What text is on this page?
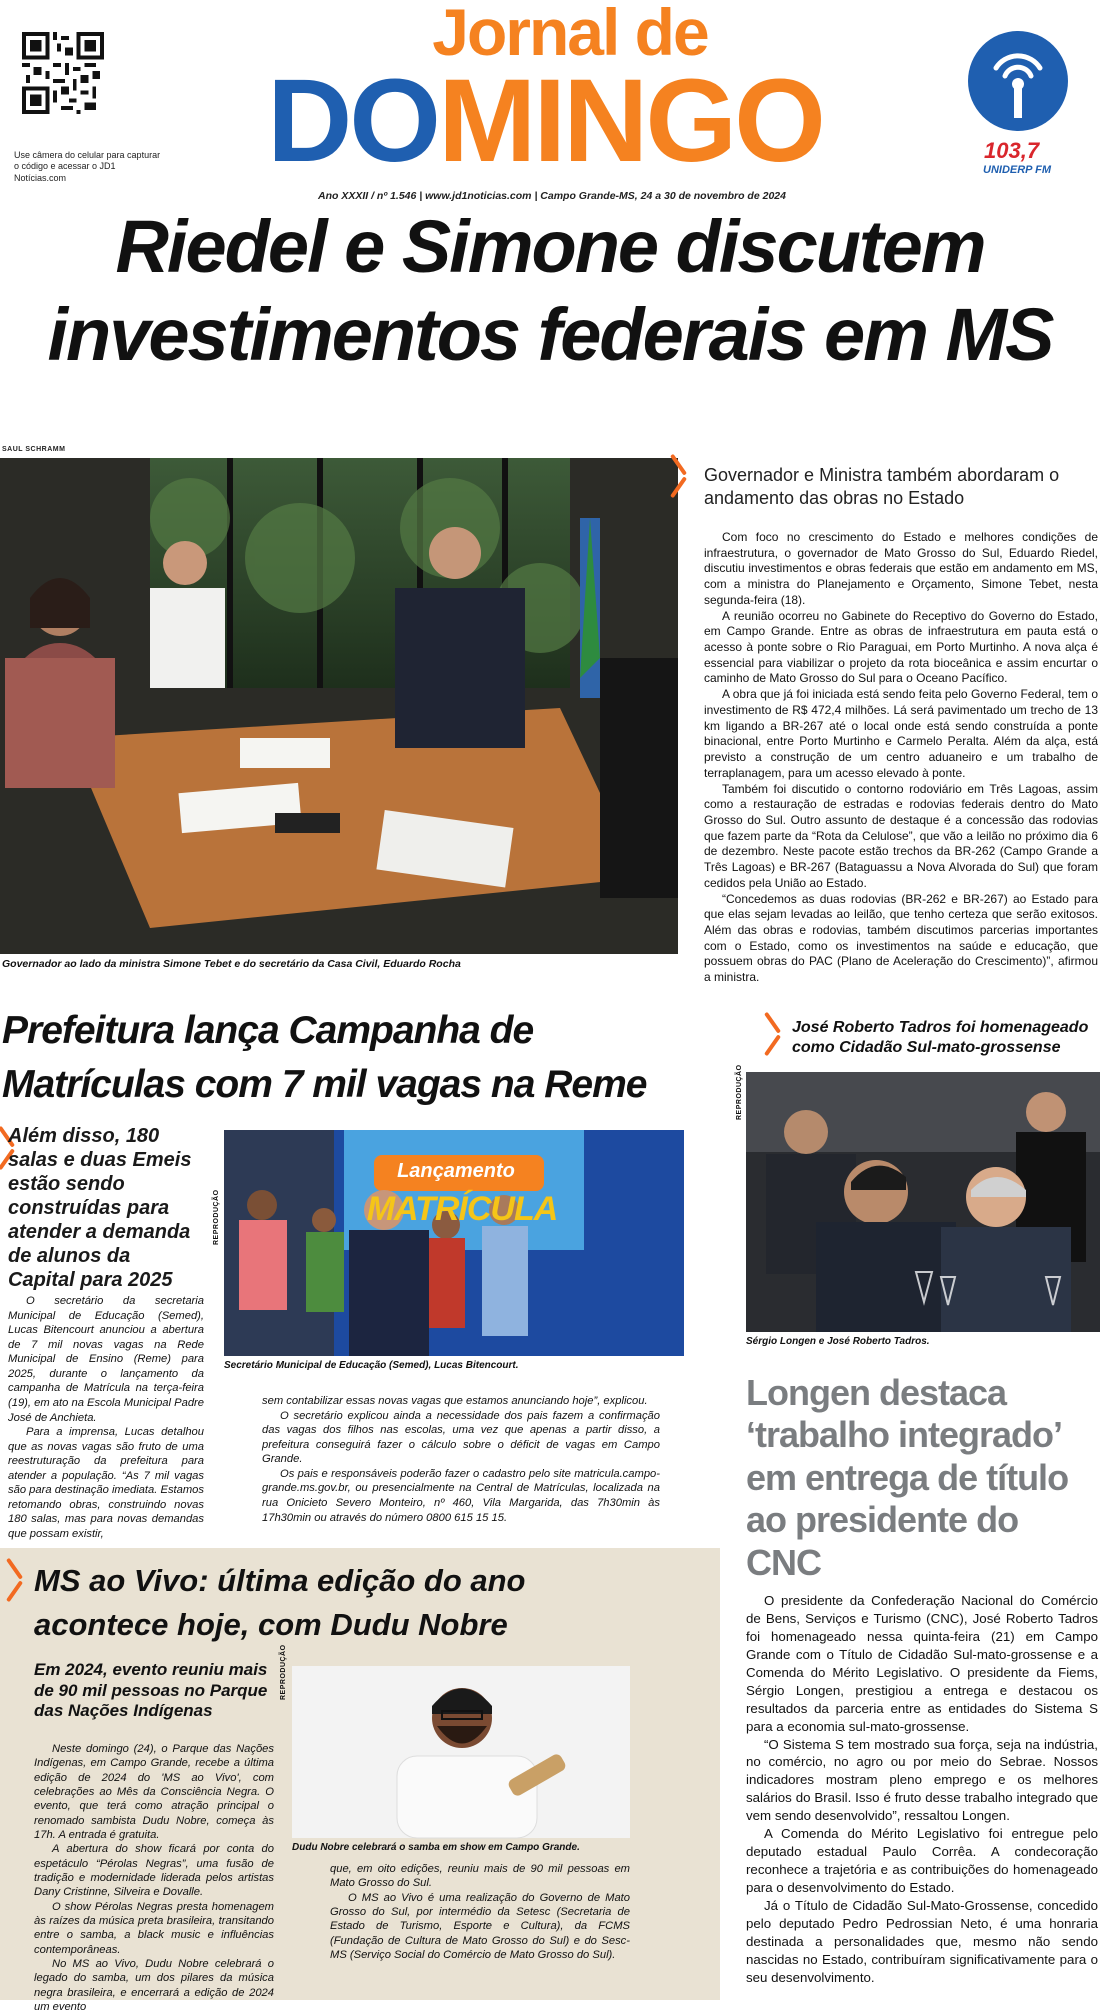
Use câmera do celular para capturar o código e acessar o JD1 Notícias.com
Jornal de
DOMINGO
Ano XXXII / nº 1.546 | www.jd1noticias.com | Campo Grande-MS, 24 a 30 de novembro de 2024
103,7
UNIDERP FM
Riedel e Simone discutem
investimentos federais em MS
SAUL SCHRAMM
Governador ao lado da ministra Simone Tebet e do secretário da Casa Civil, Eduardo Rocha
Governador e Ministra também abordaram o andamento das obras no Estado

Com foco no crescimento do Estado e melhores condições de infraestrutura, o governador de Mato Grosso do Sul, Eduardo Riedel, discutiu investimentos e obras federais que estão em andamento em MS, com a ministra do Planejamento e Orçamento, Simone Tebet, nesta segunda-feira (18).

A reunião ocorreu no Gabinete do Receptivo do Governo do Estado, em Campo Grande. Entre as obras de infraestrutura em pauta está o acesso à ponte sobre o Rio Paraguai, em Porto Murtinho. A nova alça é essencial para viabilizar o projeto da rota bioceânica e assim encurtar o caminho de Mato Grosso do Sul para o Oceano Pacífico.

A obra que já foi iniciada está sendo feita pelo Governo Federal, tem o investimento de R$ 472,4 milhões. Lá será pavimentado um trecho de 13 km ligando a BR-267 até o local onde está sendo construída a ponte binacional, entre Porto Murtinho e Carmelo Peralta. Além da alça, está previsto a construção de um centro aduaneiro e um trabalho de terraplanagem, para um acesso elevado à ponte.

Também foi discutido o contorno rodoviário em Três Lagoas, assim como a restauração de estradas e rodovias federais dentro do Mato Grosso do Sul. Outro assunto de destaque é a concessão das rodovias que fazem parte da “Rota da Celulose”, que vão a leilão no próximo dia 6 de dezembro. Neste pacote estão trechos da BR-262 (Campo Grande a Três Lagoas) e BR-267 (Bataguassu a Nova Alvorada do Sul) que foram cedidos pela União ao Estado.

“Concedemos as duas rodovias (BR-262 e BR-267) ao Estado para que elas sejam levadas ao leilão, que tenho certeza que serão exitosos. Além das obras e rodovias, também discutimos parcerias importantes com o Estado, como os investimentos na saúde e educação, que possuem obras do PAC (Plano de Aceleração do Crescimento)”, afirmou a ministra.

Prefeitura lança Campanha de
Matrículas com 7 mil vagas na Reme
Além disso, 180 salas e duas Emeis estão sendo construídas para atender a demanda de alunos da Capital para 2025
REPRODUÇÃO
Lançamento
MATRÍCULA
Secretário Municipal de Educação (Semed), Lucas Bitencourt.

O secretário da secretaria Municipal de Educação (Semed), Lucas Bitencourt anunciou a abertura de 7 mil novas vagas na Rede Municipal de Ensino (Reme) para 2025, durante o lançamento da campanha de Matrícula na terça-feira (19), em ato na Escola Municipal Padre José de Anchieta.

Para a imprensa, Lucas detalhou que as novas vagas são fruto de uma reestruturação da prefeitura para atender a população. “As 7 mil vagas são para destinação imediata. Estamos retomando obras, construindo novas 180 salas, mas para novas demandas que possam existir,

sem contabilizar essas novas vagas que estamos anunciando hoje”, explicou.

O secretário explicou ainda a necessidade dos pais fazem a confirmação das vagas dos filhos nas escolas, uma vez que apenas a partir disso, a prefeitura conseguirá fazer o cálculo sobre o déficit de vagas em Campo Grande.

Os pais e responsáveis poderão fazer o cadastro pelo site matricula.campo-grande.ms.gov.br, ou presencialmente na Central de Matrículas, localizada na rua Onicieto Severo Monteiro, nº 460, Vila Margarida, das 7h30min às 17h30min ou através do número 0800 615 15 15.

José Roberto Tadros foi homenageado como Cidadão Sul-mato-grossense
REPRODUÇÃO
Sérgio Longen e José Roberto Tadros.
Longen destaca
‘trabalho integrado’
em entrega de título
ao presidente do CNC

O presidente da Confederação Nacional do Comércio de Bens, Serviços e Turismo (CNC), José Roberto Tadros foi homenageado nessa quinta-feira (21) em Campo Grande com o Título de Cidadão Sul-mato-grossense e a Comenda do Mérito Legislativo. O presidente da Fiems, Sérgio Longen, prestigiou a entrega e destacou os resultados da parceria entre as entidades do Sistema S para a economia sul-mato-grossense.

“O Sistema S tem mostrado sua força, seja na indústria, no comércio, no agro ou por meio do Sebrae. Nossos indicadores mostram pleno emprego e os melhores salários do Brasil. Isso é fruto desse trabalho integrado que vem sendo desenvolvido”, ressaltou Longen.

A Comenda do Mérito Legislativo foi entregue pelo deputado estadual Paulo Corrêa. A condecoração reconhece a trajetória e as contribuições do homenageado para o desenvolvimento do Estado.

Já o Título de Cidadão Sul-Mato-Grossense, concedido pelo deputado Pedro Pedrossian Neto, é uma honraria destinada a personalidades que, mesmo não sendo nascidas no Estado, contribuíram significativamente para o seu desenvolvimento.

MS ao Vivo: última edição do ano
acontece hoje, com Dudu Nobre
Em 2024, evento reuniu mais de 90 mil pessoas no Parque das Nações Indígenas
REPRODUÇÃO
Dudu Nobre celebrará o samba em show em Campo Grande.

Neste domingo (24), o Parque das Nações Indígenas, em Campo Grande, recebe a última edição de 2024 do 'MS ao Vivo', com celebrações ao Mês da Consciência Negra. O evento, que terá como atração principal o renomado sambista Dudu Nobre, começa às 17h. A entrada é gratuita.

A abertura do show ficará por conta do espetáculo “Pérolas Negras”, uma fusão de tradição e modernidade liderada pelos artistas Dany Cristinne, Silveira e Dovalle.

O show Pérolas Negras presta homenagem às raízes da música preta brasileira, transitando entre o samba, a black music e influências contemporâneas.

No MS ao Vivo, Dudu Nobre celebrará o legado do samba, um dos pilares da música negra brasileira, e encerrará a edição de 2024 um evento

que, em oito edições, reuniu mais de 90 mil pessoas em Mato Grosso do Sul.

O MS ao Vivo é uma realização do Governo de Mato Grosso do Sul, por intermédio da Setesc (Secretaria de Estado de Turismo, Esporte e Cultura), da FCMS (Fundação de Cultura de Mato Grosso do Sul) e do Sesc-MS (Serviço Social do Comércio de Mato Grosso do Sul).
